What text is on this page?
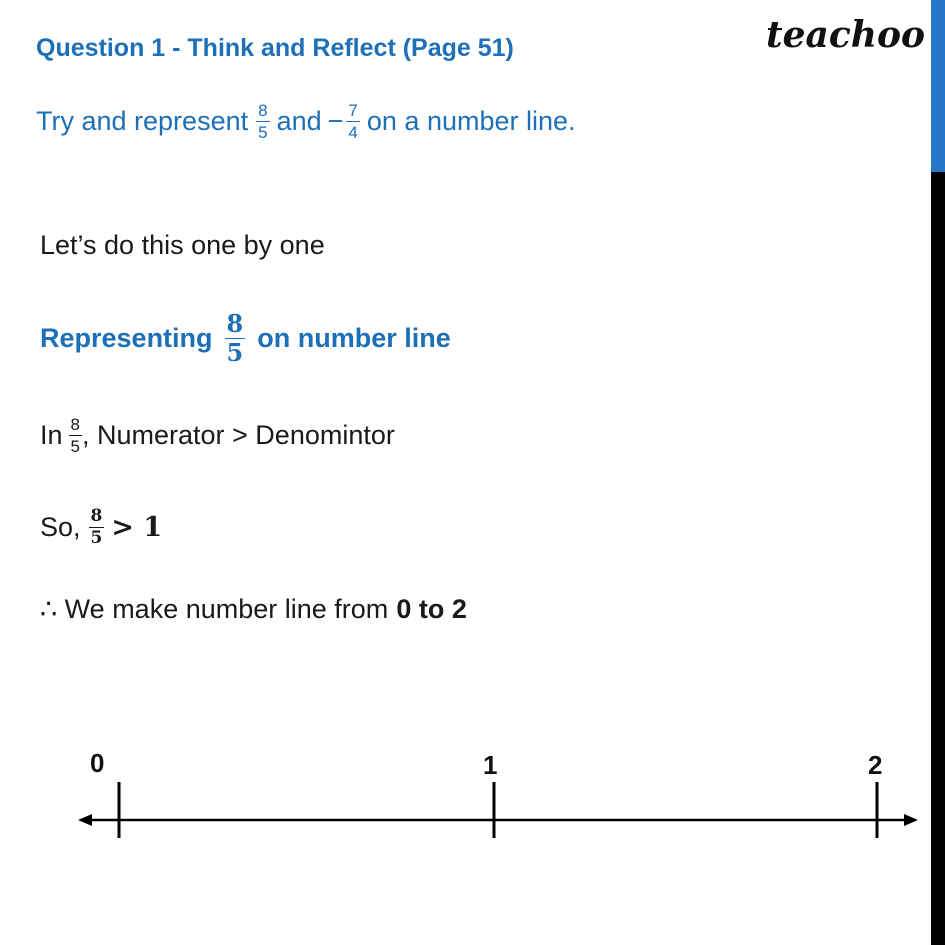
Question 1 - Think and Reflect (Page 51)	teachoo
Try and represent $\frac{8}{5}$ and − $\frac{7}{4}$ on a number line.
Let’s do this one by one
Representing $\frac{8}{5}$ on number line
In $\frac{8}{5}$ , Numerator > Denomintor
So, $\frac{8}{5} > 1$
∴ We make number line from 0 to 2
0	1	2
